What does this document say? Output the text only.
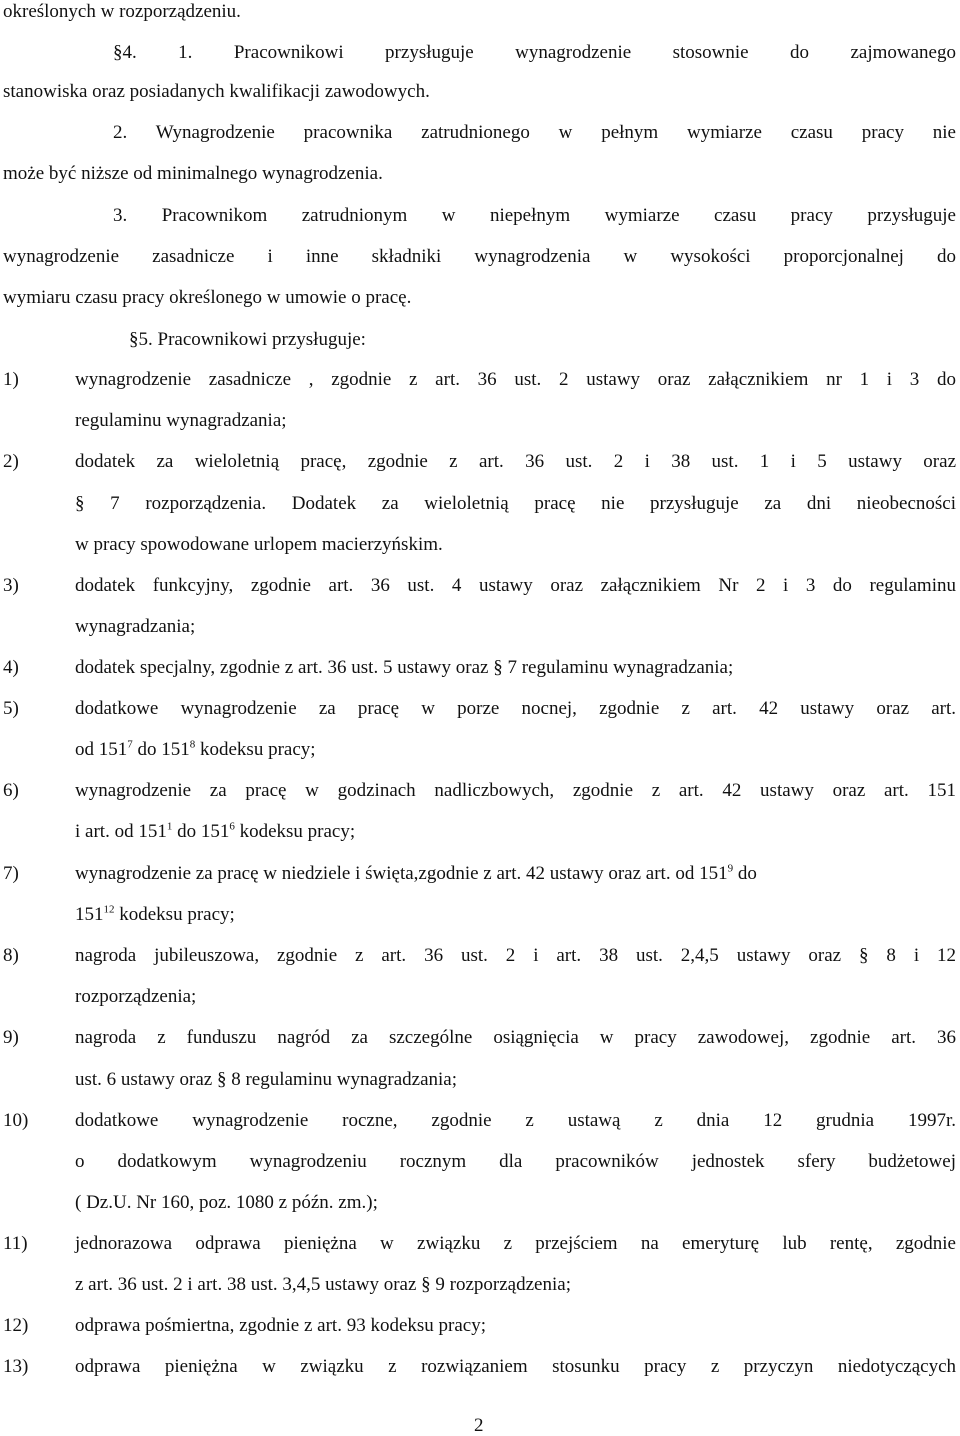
określonych w rozporządzeniu.
§4. 1. Pracownikowi przysługuje wynagrodzenie stosownie do zajmowanego
stanowiska oraz posiadanych kwalifikacji zawodowych.
2. Wynagrodzenie pracownika zatrudnionego w pełnym wymiarze czasu pracy nie
może być niższe od minimalnego wynagrodzenia.
3. Pracownikom zatrudnionym w niepełnym wymiarze czasu pracy przysługuje
wynagrodzenie zasadnicze i inne składniki wynagrodzenia w wysokości proporcjonalnej do
wymiaru czasu pracy określonego w umowie o pracę.
§5. Pracownikowi przysługuje:
1)	wynagrodzenie zasadnicze , zgodnie z art. 36 ust. 2 ustawy oraz załącznikiem nr 1 i 3 do
regulaminu wynagradzania;
2)	dodatek za wieloletnią pracę, zgodnie z art. 36 ust. 2 i 38 ust. 1 i 5 ustawy oraz
§ 7 rozporządzenia. Dodatek za wieloletnią pracę nie przysługuje za dni nieobecności
w pracy spowodowane urlopem macierzyńskim.
3)	dodatek funkcyjny, zgodnie art. 36 ust. 4 ustawy oraz załącznikiem Nr 2 i 3 do regulaminu
wynagradzania;
4)	dodatek specjalny, zgodnie z art. 36 ust. 5 ustawy oraz § 7 regulaminu wynagradzania;
5)	dodatkowe wynagrodzenie za pracę w porze nocnej, zgodnie z art. 42 ustawy oraz art.
od $151^7$ do $151^8$ kodeksu pracy;
6)	wynagrodzenie za pracę w godzinach nadliczbowych, zgodnie z art. 42 ustawy oraz art. 151
i art. od $151^1$ do $151^6$ kodeksu pracy;
7)	wynagrodzenie za pracę w niedziele i święta,zgodnie z art. 42 ustawy oraz art. od $151^9$ do
$151^{12}$ kodeksu pracy;
8)	nagroda jubileuszowa, zgodnie z art. 36 ust. 2 i art. 38 ust. 2,4,5 ustawy oraz § 8 i 12
rozporządzenia;
9)	nagroda z funduszu nagród za szczególne osiągnięcia w pracy zawodowej, zgodnie art. 36
ust. 6 ustawy oraz § 8 regulaminu wynagradzania;
10) dodatkowe wynagrodzenie roczne, zgodnie z ustawą z dnia 12 grudnia 1997r.
o dodatkowym wynagrodzeniu rocznym dla pracowników jednostek sfery budżetowej
( Dz.U. Nr 160, poz. 1080 z późn. zm.);
11) jednorazowa odprawa pieniężna w związku z przejściem na emeryturę lub rentę, zgodnie
z art. 36 ust. 2 i art. 38 ust. 3,4,5 ustawy oraz § 9 rozporządzenia;
12) odprawa pośmiertna, zgodnie z art. 93 kodeksu pracy;
13) odprawa pieniężna w związku z rozwiązaniem stosunku pracy z przyczyn niedotyczących
2
